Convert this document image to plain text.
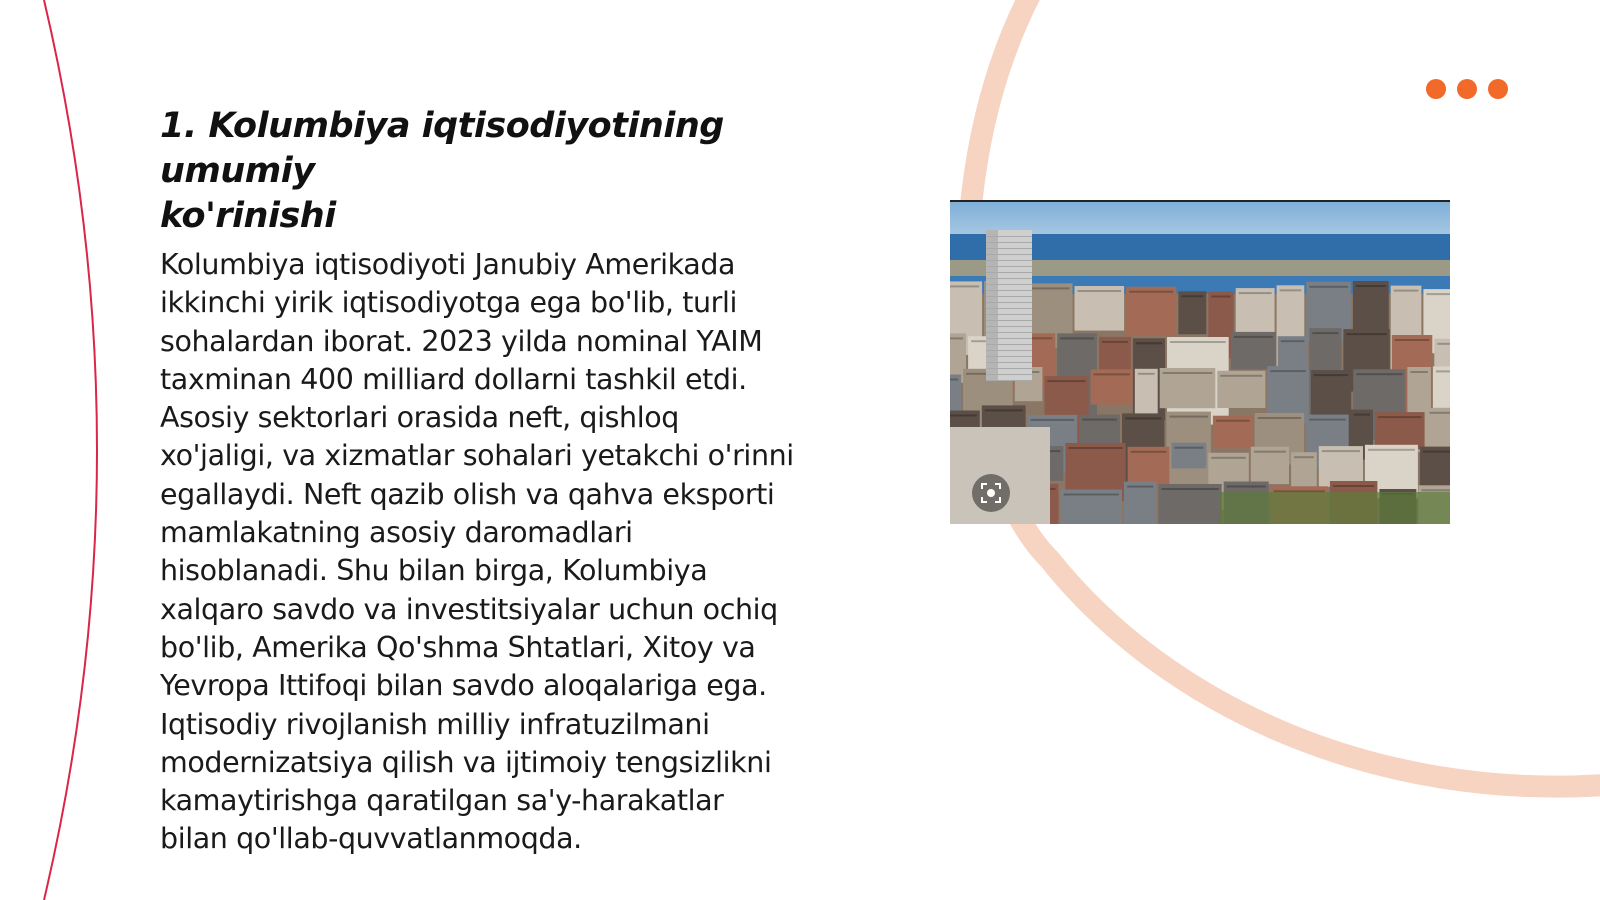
1. Kolumbiya iqtisodiyotining umumiy
ko'rinishi
Kolumbiya iqtisodiyoti Janubiy Amerikada
ikkinchi yirik iqtisodiyotga ega bo'lib, turli
sohalardan iborat. 2023 yilda nominal YAIM
taxminan 400 milliard dollarni tashkil etdi.
Asosiy sektorlari orasida neft, qishloq
xo'jaligi, va xizmatlar sohalari yetakchi o'rinni
egallaydi. Neft qazib olish va qahva eksporti
mamlakatning asosiy daromadlari
hisoblanadi. Shu bilan birga, Kolumbiya
xalqaro savdo va investitsiyalar uchun ochiq
bo'lib, Amerika Qo'shma Shtatlari, Xitoy va
Yevropa Ittifoqi bilan savdo aloqalariga ega.
Iqtisodiy rivojlanish milliy infratuzilmani
modernizatsiya qilish va ijtimoiy tengsizlikni
kamaytirishga qaratilgan sa'y-harakatlar
bilan qo'llab-quvvatlanmoqda.
